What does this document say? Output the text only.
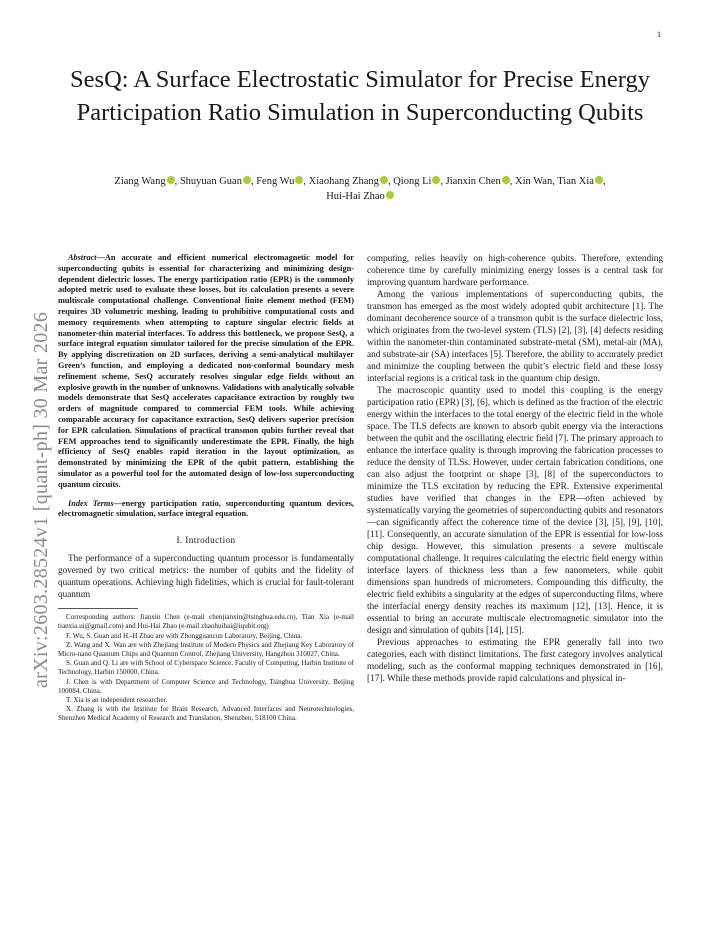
1
arXiv:2603.28524v1 [quant-ph] 30 Mar 2026
SesQ: A Surface Electrostatic Simulator for Precise Energy Participation Ratio Simulation in Superconducting Qubits
Ziang Wang , Shuyuan Guan , Feng Wu , Xiaohang Zhang , Qiong Li , Jianxin Chen , Xin Wan, Tian Xia ,
Hui-Hai Zhao

Abstract—An accurate and efficient numerical electromagnetic model for superconducting qubits is essential for characterizing and minimizing design-dependent dielectric losses. The energy participation ratio (EPR) is the commonly adopted metric used to evaluate these losses, but its calculation presents a severe multiscale computational challenge. Conventional finite element method (FEM) requires 3D volumetric meshing, leading to prohibitive computational costs and memory requirements when attempting to capture singular electric fields at nanometer-thin material interfaces. To address this bottleneck, we propose SesQ, a surface integral equation simulator tailored for the precise simulation of the EPR. By applying discretization on 2D surfaces, deriving a semi-analytical multilayer Green’s function, and employing a dedicated non-conformal boundary mesh refinement scheme, SesQ accurately resolves singular edge fields without an explosive growth in the number of unknowns. Validations with analytically solvable models demonstrate that SesQ accelerates capacitance extraction by roughly two orders of magnitude compared to commercial FEM tools. While achieving comparable accuracy for capacitance extraction, SesQ delivers superior precision for EPR calculation. Simulations of practical transmon qubits further reveal that FEM approaches tend to significantly underestimate the EPR. Finally, the high efficiency of SesQ enables rapid iteration in the layout optimization, as demonstrated by minimizing the EPR of the qubit pattern, establishing the simulator as a powerful tool for the automated design of low-loss superconducting quantum circuits.

Index Terms—energy participation ratio, superconducting quantum devices, electromagnetic simulation, surface integral equation.

I. Introduction

The performance of a superconducting quantum processor is fundamentally governed by two critical metrics: the number of qubits and the fidelity of quantum operations. Achieving high fidelities, which is crucial for fault-tolerant quantum

Corresponding authors: Jianxin Chen (e-mail chenjianxin@tsinghua.edu.cn), Tian Xia (e-mail tianxia.ui@gmail.com) and Hui-Hai Zhao (e-mail zhaohuihai@iqubit.org)

F. Wu, S. Guan and H.-H Zhao are with Zhongguancun Laboratory, Beijing, China.

Z. Wang and X. Wan are with Zhejiang Institute of Modern Physics and Zhejiang Key Laboratory of Micro-nano Quantum Chips and Quantum Control, Zhejiang University, Hangzhou 310027, China.

S. Guan and Q. Li are with School of Cyberspace Science, Faculty of Computing, Harbin Institute of Technology, Harbin 150000, China.

J. Chen is with Department of Computer Science and Technology, Tsinghua University, Beijing 100084, China.

T. Xia is an independent researcher.

X. Zhang is with the Institute for Brain Research, Advanced Interfaces and Neurotechnologies, Shenzhen Medical Academy of Research and Translation, Shenzhen, 518100 China.

computing, relies heavily on high-coherence qubits. Therefore, extending coherence time by carefully minimizing energy losses is a central task for improving quantum hardware performance.

Among the various implementations of superconducting qubits, the transmon has emerged as the most widely adopted qubit architecture [1]. The dominant decoherence source of a transmon qubit is the surface dielectric loss, which originates from the two-level system (TLS) [2], [3], [4] defects residing within the nanometer-thin contaminated substrate-metal (SM), metal-air (MA), and substrate-air (SA) interfaces [5]. Therefore, the ability to accurately predict and minimize the coupling between the qubit’s electric field and these lossy interfacial regions is a critical task in the quantum chip design.

The macroscopic quantity used to model this coupling is the energy participation ratio (EPR) [3], [6], which is defined as the fraction of the electric energy within the interfaces to the total energy of the electric field in the whole space. The TLS defects are known to absorb qubit energy via the interactions between the qubit and the oscillating electric field [7]. The primary approach to enhance the interface quality is through improving the fabrication processes to reduce the density of TLSs. However, under certain fabrication conditions, one can also adjust the footprint or shape [3], [8] of the superconductors to minimize the TLS excitation by reducing the EPR. Extensive experimental studies have verified that changes in the EPR—often achieved by systematically varying the geometries of superconducting qubits and resonators—can significantly affect the coherence time of the device [3], [5], [9], [10], [11]. Consequently, an accurate simulation of the EPR is essential for low-loss chip design. However, this simulation presents a severe multiscale computational challenge. It requires calculating the electric field energy within interface layers of thickness less than a few nanometers, while qubit dimensions span hundreds of micrometers. Compounding this difficulty, the electric field exhibits a singularity at the edges of superconducting films, where the interfacial energy density reaches its maximum [12], [13]. Hence, it is essential to bring an accurate multiscale electromagnetic simulator into the design and simulation of qubits [14], [15].

Previous approaches to estimating the EPR generally fall into two categories, each with distinct limitations. The first category involves analytical modeling, such as the conformal mapping techniques demonstrated in [16], [17]. While these methods provide rapid calculations and physical in-
